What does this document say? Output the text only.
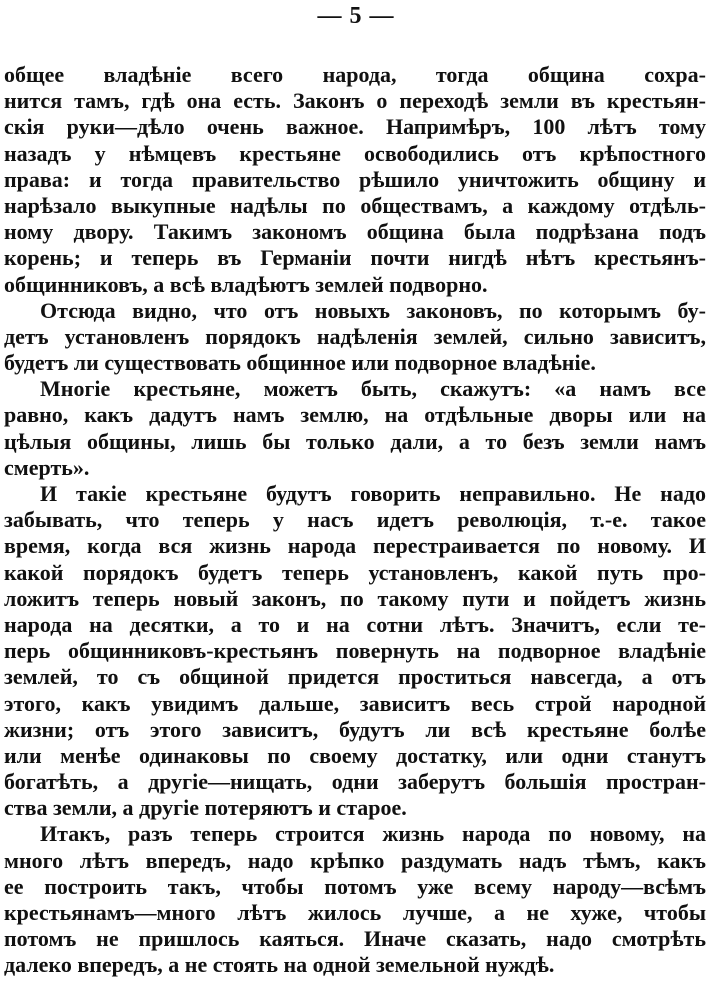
— 5 —
общее владѣніе всего народа, тогда община сохра-
нится тамъ, гдѣ она есть. Законъ о переходѣ земли въ крестьян-
скія руки—дѣло очень важное. Напримѣръ, 100 лѣтъ тому
назадъ у нѣмцевъ крестьяне освободились отъ крѣпостного
права: и тогда правительство рѣшило уничтожить общину и
нарѣзало выкупные надѣлы по обществамъ, а каждому отдѣль-
ному двору. Такимъ закономъ община была подрѣзана подъ
корень; и теперь въ Германіи почти нигдѣ нѣтъ крестьянъ-
общинниковъ, а всѣ владѣютъ землей подворно.
Отсюда видно, что отъ новыхъ законовъ, по которымъ бу-
детъ установленъ порядокъ надѣленія землей, сильно зависитъ,
будетъ ли существовать общинное или подворное владѣніе.
Многіе крестьяне, можетъ быть, скажутъ: «а намъ все
равно, какъ дадутъ намъ землю, на отдѣльные дворы или на
цѣлыя общины, лишь бы только дали, а то безъ земли намъ
смерть».
И такіе крестьяне будутъ говорить неправильно. Не надо
забывать, что теперь у насъ идетъ революція, т.-е. такое
время, когда вся жизнь народа перестраивается по новому. И
какой порядокъ будетъ теперь установленъ, какой путь про-
ложитъ теперь новый законъ, по такому пути и пойдетъ жизнь
народа на десятки, а то и на сотни лѣтъ. Значитъ, если те-
перь общинниковъ-крестьянъ повернуть на подворное владѣніе
землей, то съ общиной придется проститься навсегда, а отъ
этого, какъ увидимъ дальше, зависитъ весь строй народной
жизни; отъ этого зависитъ, будутъ ли всѣ крестьяне болѣе
или менѣе одинаковы по своему достатку, или одни станутъ
богатѣть, а другіе—нищать, одни заберутъ большія простран-
ства земли, а другіе потеряютъ и старое.
Итакъ, разъ теперь строится жизнь народа по новому, на
много лѣтъ впередъ, надо крѣпко раздумать надъ тѣмъ, какъ
ее построить такъ, чтобы потомъ уже всему народу—всѣмъ
крестьянамъ—много лѣтъ жилось лучше, а не хуже, чтобы
потомъ не пришлось каяться. Иначе сказать, надо смотрѣть
далеко впередъ, а не стоять на одной земельной нуждѣ.
